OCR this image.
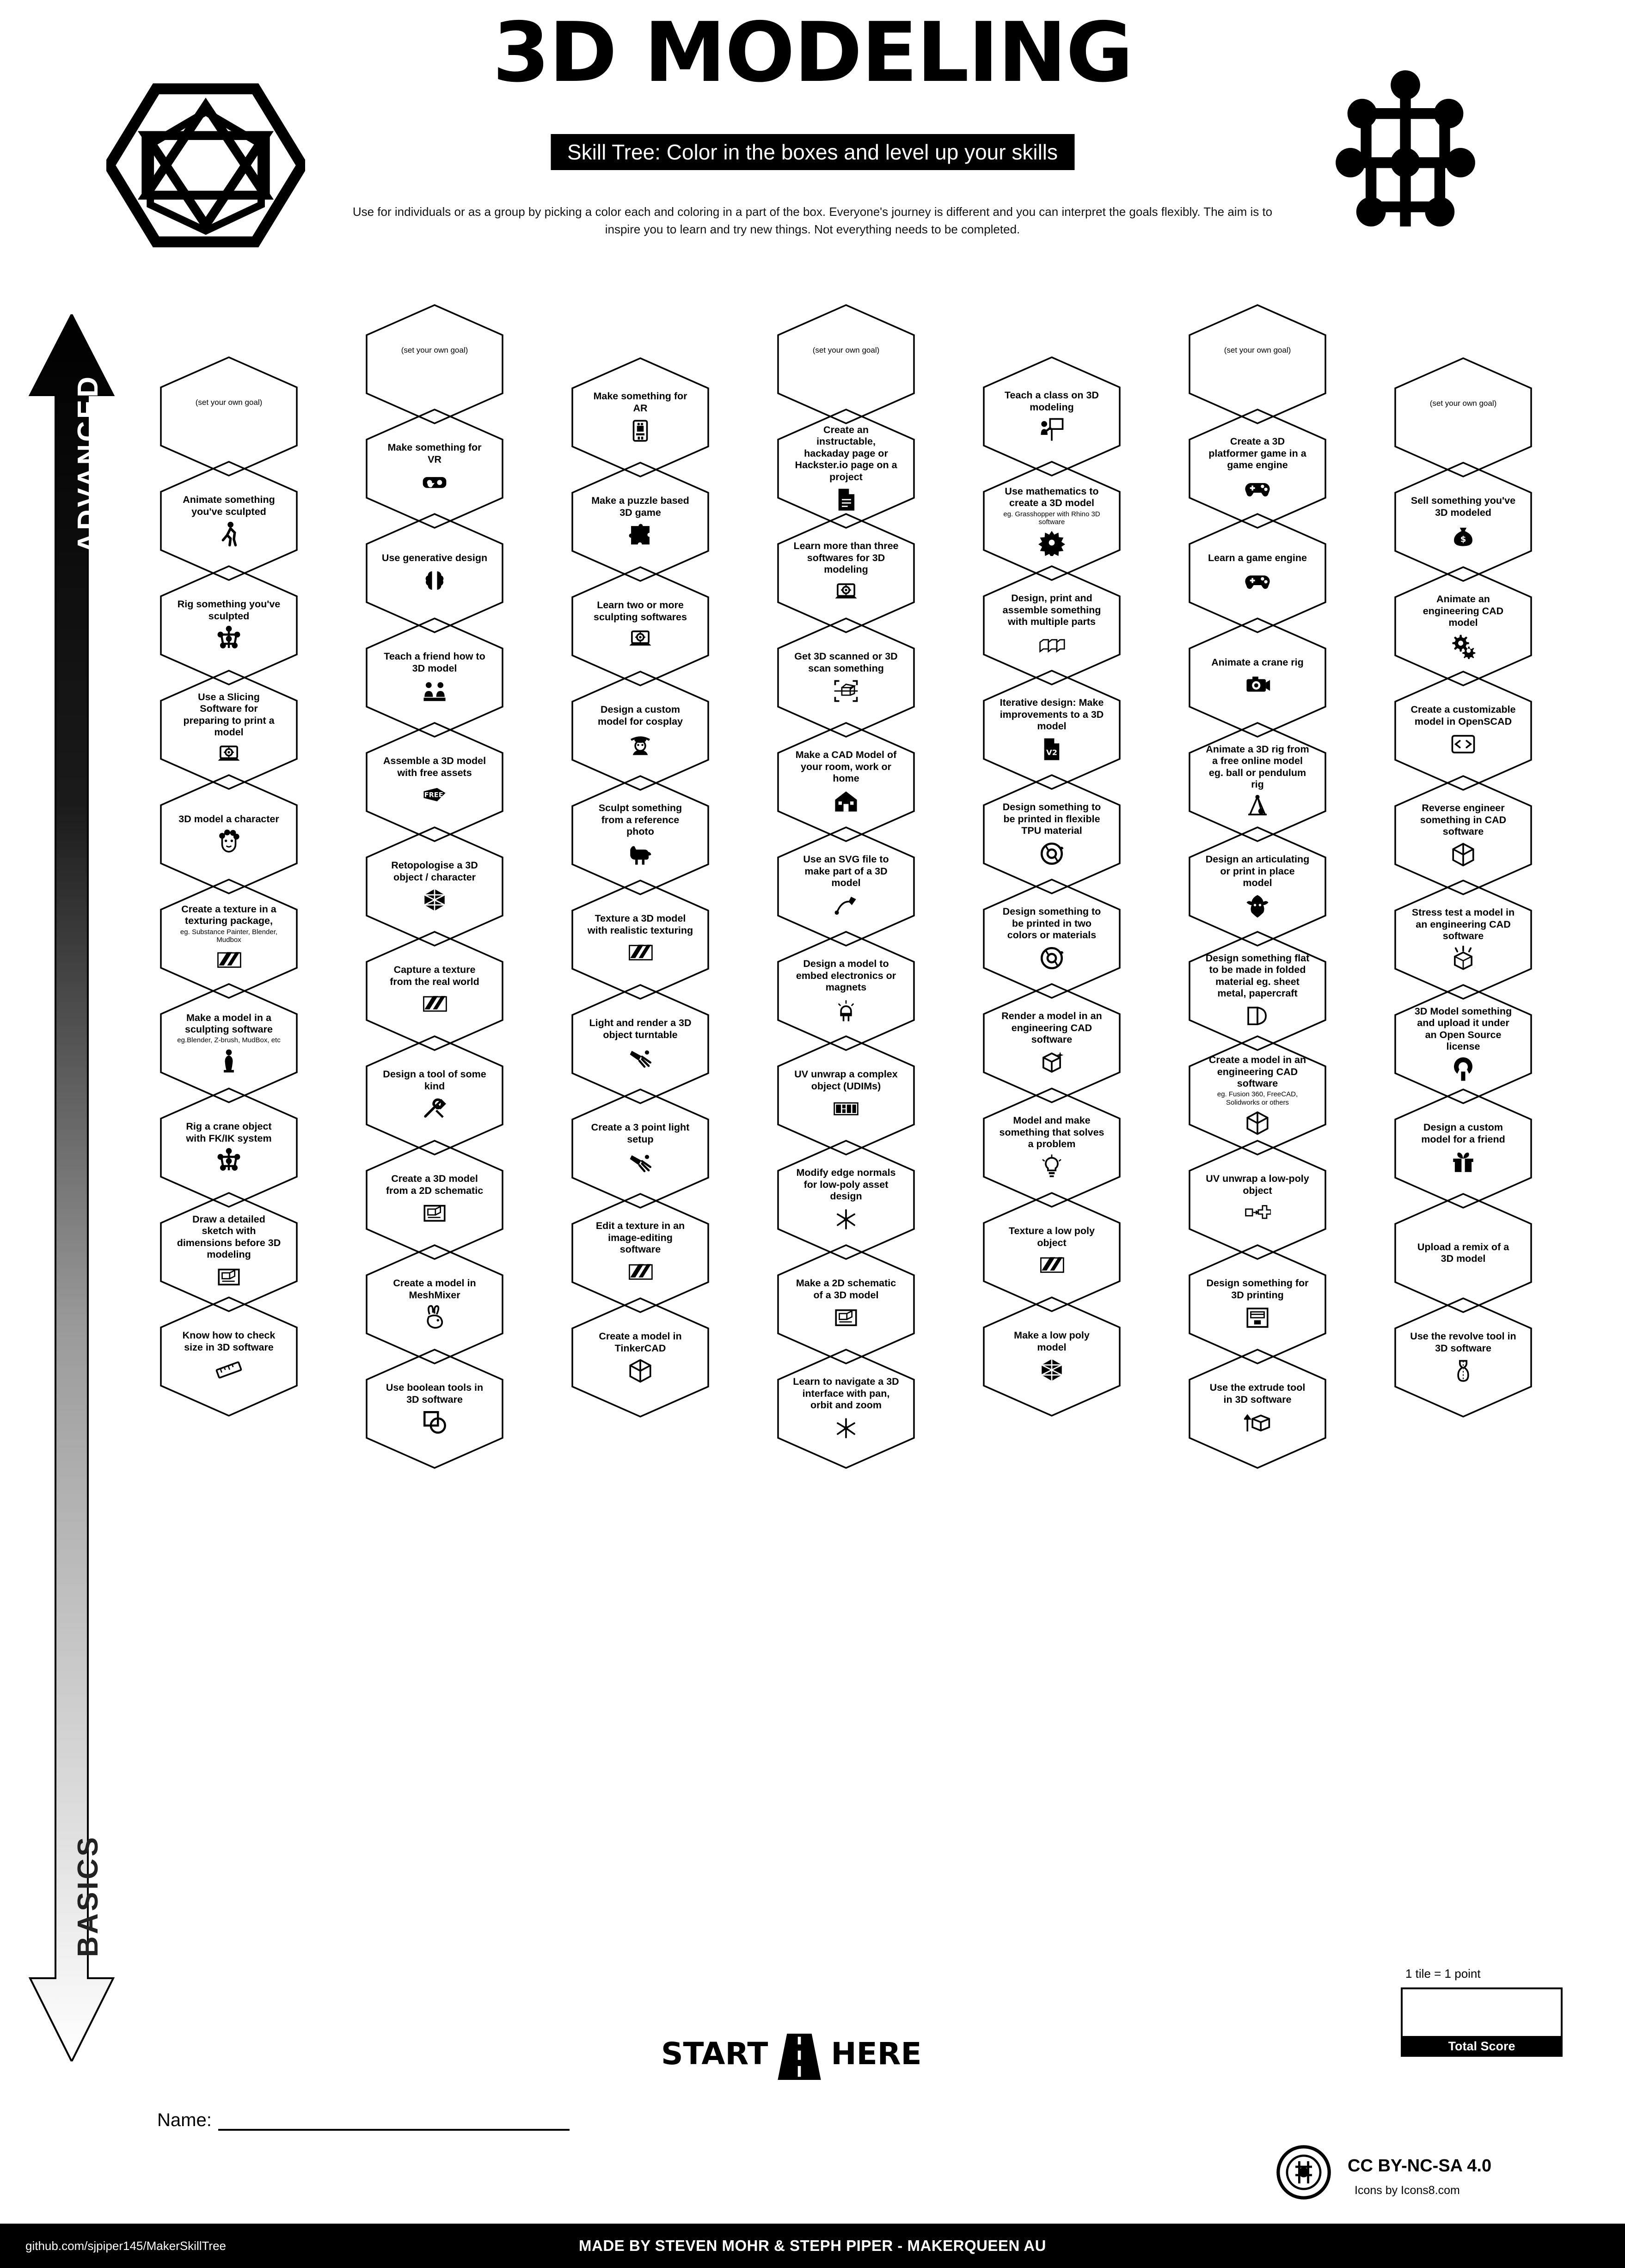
3D MODELING
Skill Tree: Color in the boxes and level up your skills
Use for individuals or as a group by picking a color each and coloring in a part of the box. Everyone's journey is different and you can interpret the goals flexibly. The aim is to inspire you to learn and try new things. Not everything needs to be completed.
ADVANCED
BASICS
(set your own goal)
Animate something you've sculpted
Rig something you've sculpted
Use a Slicing Software for preparing to print a model
3D model a character
Create a texture in a texturing package,
eg. Substance Painter, Blender, Mudbox
Make a model in a sculpting software
eg.Blender, Z-brush, MudBox, etc
Rig a crane object with FK/IK system
Draw a detailed sketch with dimensions before 3D modeling
Know how to check size in 3D software
(set your own goal)
Make something for VR
Use generative design
Teach a friend how to 3D model
Assemble a 3D model with free assets
FREE
Retopologise a 3D object / character
Capture a texture from the real world
Design a tool of some kind
Create a 3D model from a 2D schematic
Create a model in MeshMixer
Use boolean tools in 3D software
Make something for AR
Make a puzzle based 3D game
Learn two or more sculpting softwares
Design a custom model for cosplay
Sculpt something from a reference photo
Texture a 3D model with realistic texturing
Light and render a 3D object turntable
Create a 3 point light setup
Edit a texture in an image-editing software
Create a model in TinkerCAD
(set your own goal)
Create an instructable, hackaday page or Hackster.io page on a project
Learn more than three softwares for 3D modeling
Get 3D scanned or 3D scan something
Make a CAD Model of your room, work or home
Use an SVG file to make part of a 3D model
Design a model to embed electronics or magnets
UV unwrap a complex object (UDIMs)
Modify edge normals for low-poly asset design
Make a 2D schematic of a 3D model
Learn to navigate a 3D interface with pan, orbit and zoom
Teach a class on 3D modeling
Use mathematics to create a 3D model
eg. Grasshopper with Rhino 3D software
Design, print and assemble something with multiple parts
Iterative design: Make improvements to a 3D model
V2
Design something to be printed in flexible TPU material
Design something to be printed in two colors or materials
Render a model in an engineering CAD software
Model and make something that solves a problem
Texture a low poly object
Make a low poly model
(set your own goal)
Create a 3D platformer game in a game engine
Learn a game engine
Animate a crane rig
Animate a 3D rig from a free online model eg. ball or pendulum rig
Design an articulating or print in place model
Design something flat to be made in folded material eg. sheet metal, papercraft
Create a model in an engineering CAD software
eg. Fusion 360, FreeCAD, Solidworks or others
UV unwrap a low-poly object
Design something for 3D printing
Use the extrude tool in 3D software
(set your own goal)
Sell something you've 3D modeled
$
Animate an engineering CAD model
Create a customizable model in OpenSCAD
Reverse engineer something in CAD software
Stress test a model in an engineering CAD software
3D Model something and upload it under an Open Source license
Design a custom model for a friend
Upload a remix of a 3D model
Use the revolve tool in 3D software
START HERE
1 tile = 1 point
Total Score
Name:
CC BY-NC-SA 4.0
Icons by Icons8.com
github.com/sjpiper145/MakerSkillTree	MADE BY STEVEN MOHR & STEPH PIPER - MAKERQUEEN AU
